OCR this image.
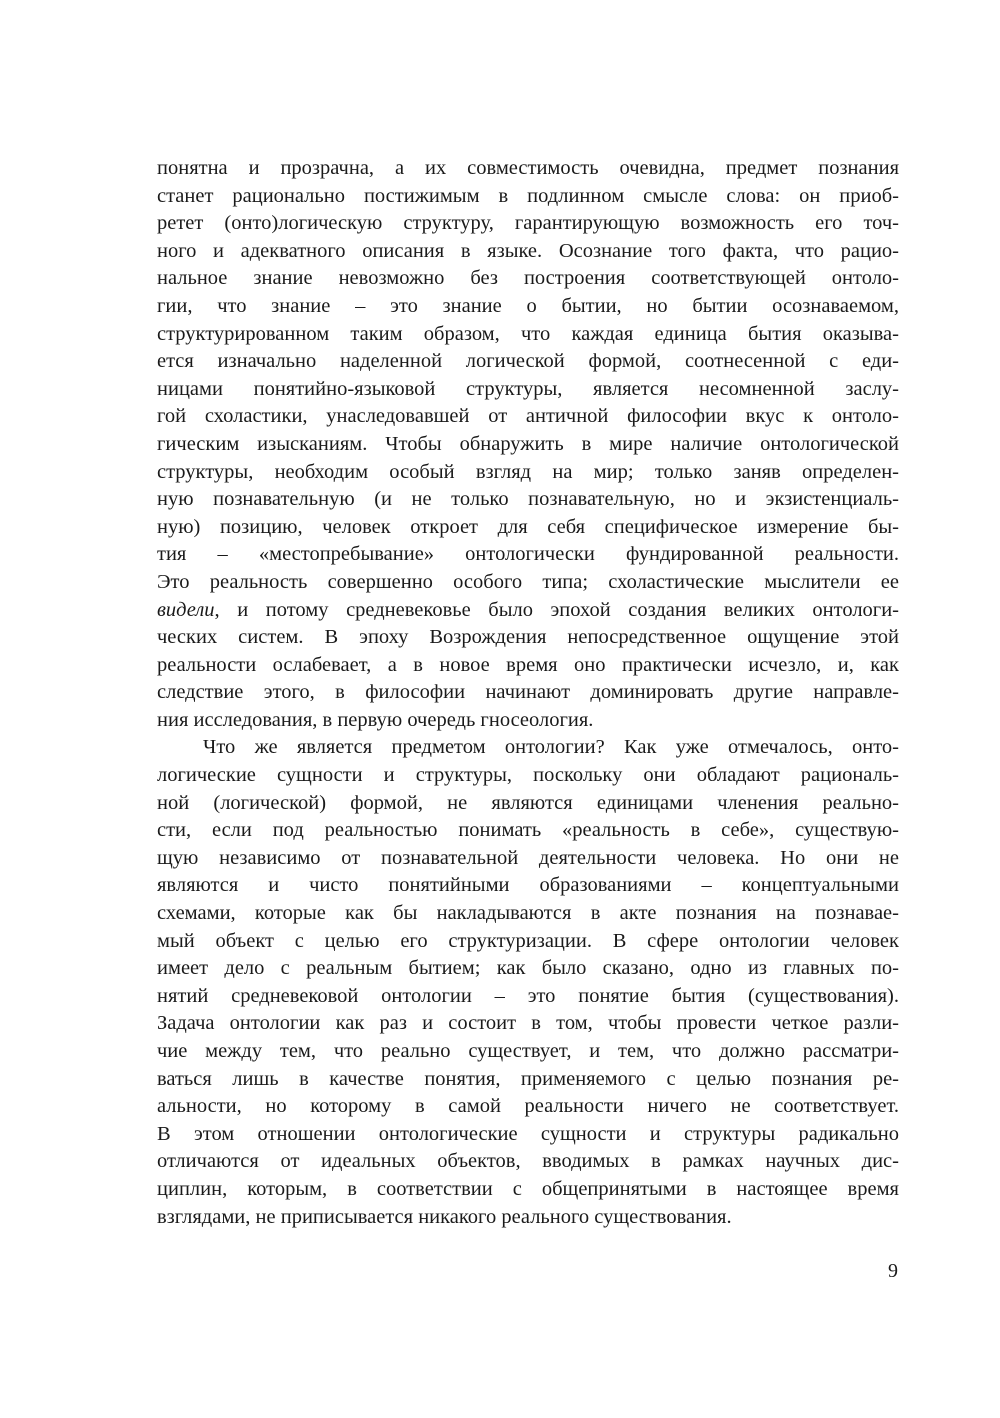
понятна и прозрачна, а их совместимость очевидна, предмет познания
станет рационально постижимым в подлинном смысле слова: он приоб-
ретет (онто)логическую структуру, гарантирующую возможность его точ-
ного и адекватного описания в языке. Осознание того факта, что рацио-
нальное знание невозможно без построения соответствующей онтоло-
гии, что знание – это знание о бытии, но бытии осознаваемом,
структурированном таким образом, что каждая единица бытия оказыва-
ется изначально наделенной логической формой, соотнесенной с еди-
ницами понятийно-языковой структуры, является несомненной заслу-
гой схоластики, унаследовавшей от античной философии вкус к онтоло-
гическим изысканиям. Чтобы обнаружить в мире наличие онтологической
структуры, необходим особый взгляд на мир; только заняв определен-
ную познавательную (и не только познавательную, но и экзистенциаль-
ную) позицию, человек откроет для себя специфическое измерение бы-
тия – «местопребывание» онтологически фундированной реальности.
Это реальность совершенно особого типа; схоластические мыслители ее
видели, и потому средневековье было эпохой создания великих онтологи-
ческих систем. В эпоху Возрождения непосредственное ощущение этой
реальности ослабевает, а в новое время оно практически исчезло, и, как
следствие этого, в философии начинают доминировать другие направле-
ния исследования, в первую очередь гносеология.
Что же является предметом онтологии? Как уже отмечалось, онто-
логические сущности и структуры, поскольку они обладают рациональ-
ной (логической) формой, не являются единицами членения реально-
сти, если под реальностью понимать «реальность в себе», существую-
щую независимо от познавательной деятельности человека. Но они не
являются и чисто понятийными образованиями – концептуальными
схемами, которые как бы накладываются в акте познания на познавае-
мый объект с целью его структуризации. В сфере онтологии человек
имеет дело с реальным бытием; как было сказано, одно из главных по-
нятий средневековой онтологии – это понятие бытия (существования).
Задача онтологии как раз и состоит в том, чтобы провести четкое разли-
чие между тем, что реально существует, и тем, что должно рассматри-
ваться лишь в качестве понятия, применяемого с целью познания ре-
альности, но которому в самой реальности ничего не соответствует.
В этом отношении онтологические сущности и структуры радикально
отличаются от идеальных объектов, вводимых в рамках научных дис-
циплин, которым, в соответствии с общепринятыми в настоящее время
взглядами, не приписывается никакого реального существования.
9
